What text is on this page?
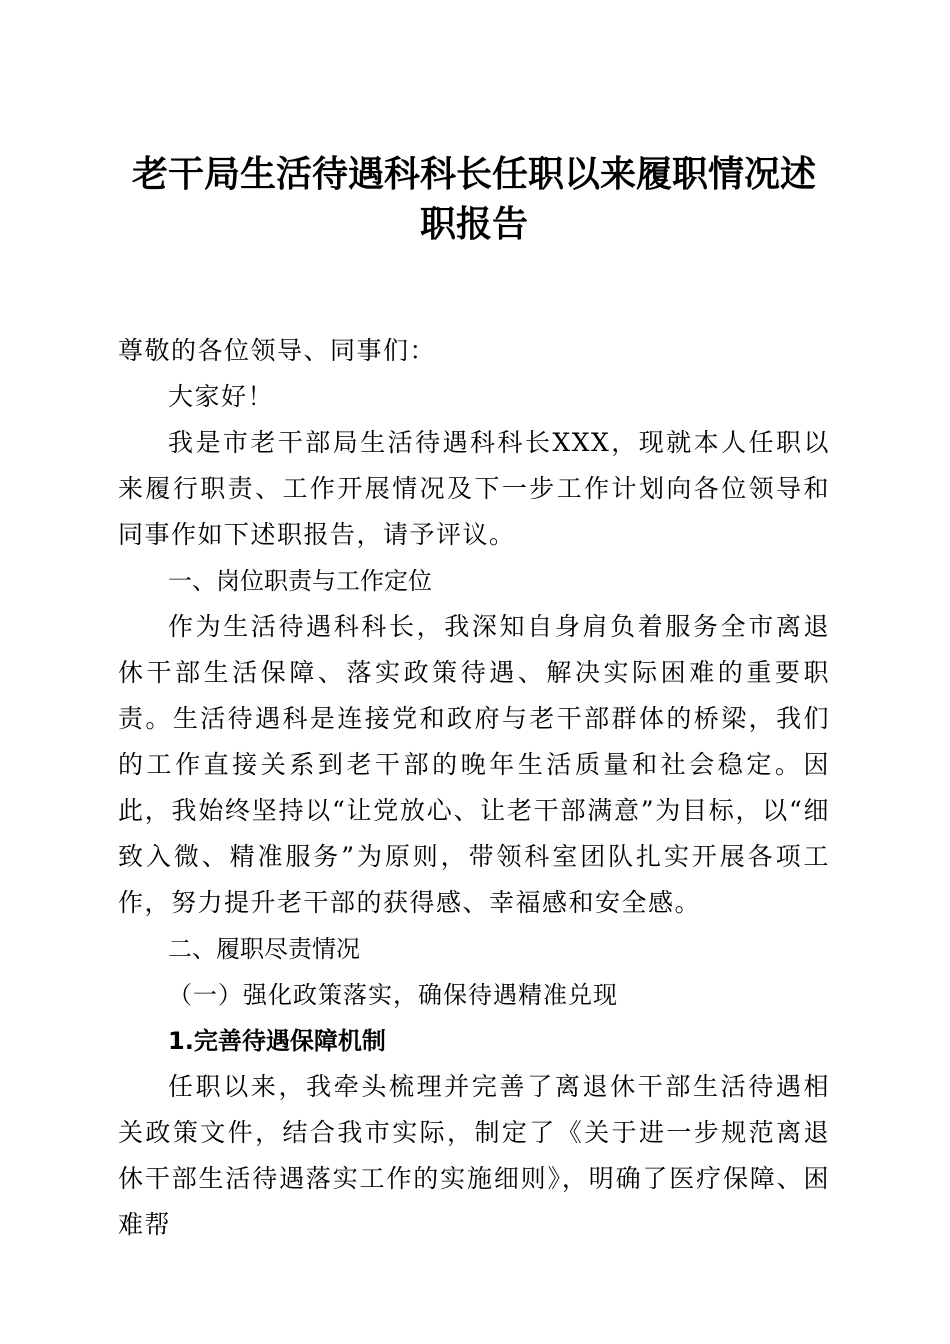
老干局生活待遇科科长任职以来履职情况述职报告

尊敬的各位领导、同事们：

大家好！

我是市老干部局生活待遇科科长XXX，现就本人任职以来履行职责、工作开展情况及下一步工作计划向各位领导和同事作如下述职报告，请予评议。

一、岗位职责与工作定位

作为生活待遇科科长，我深知自身肩负着服务全市离退休干部生活保障、落实政策待遇、解决实际困难的重要职责。生活待遇科是连接党和政府与老干部群体的桥梁，我们的工作直接关系到老干部的晚年生活质量和社会稳定。因此，我始终坚持以“让党放心、让老干部满意”为目标，以“细致入微、精准服务”为原则，带领科室团队扎实开展各项工作，努力提升老干部的获得感、幸福感和安全感。

二、履职尽责情况

（一）强化政策落实，确保待遇精准兑现

1.完善待遇保障机制

任职以来，我牵头梳理并完善了离退休干部生活待遇相关政策文件，结合我市实际，制定了《关于进一步规范离退休干部生活待遇落实工作的实施细则》，明确了医疗保障、困难帮
